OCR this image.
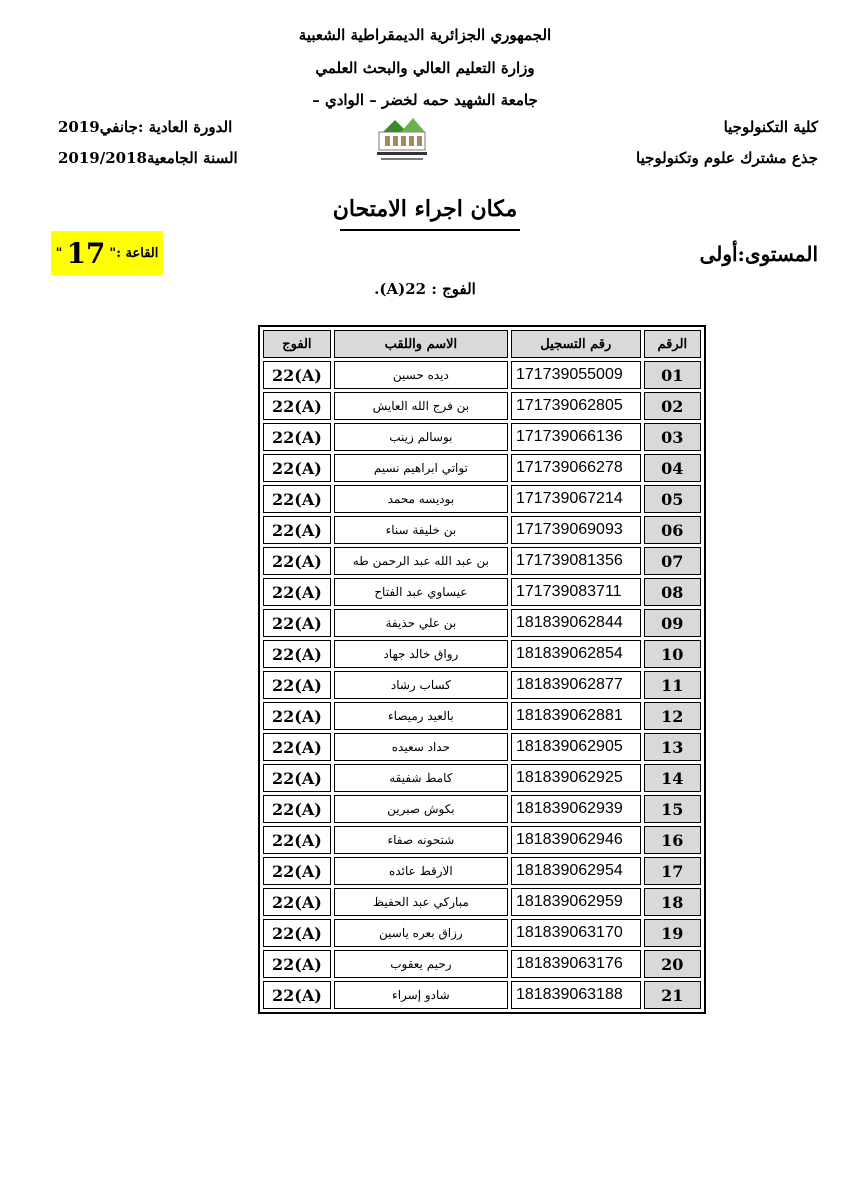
الجمهوري الجزائرية الديمقراطية الشعبية
وزارة التعليم العالي والبحث العلمي
جامعة الشهيد حمه لخضر – الوادي –
كلية التكنولوجيا
جذع مشترك علوم وتكنولوجيا
الدورة العادية :جانفي2019
السنة الجامعية2019/2018
مكان اجراء الامتحان
القاعة :
"
17
"	المستوى:أولى
الفوج : 22(A).
الرقم	رقم التسجيل	الاسم واللقب	الفوج
01	171739055009	ديده حسين	22(A)
02	171739062805	بن فرج الله العايش	22(A)
03	171739066136	بوسالم زينب	22(A)
04	171739066278	تواتي ابراهيم نسيم	22(A)
05	171739067214	بوديسه محمد	22(A)
06	171739069093	بن خليفة سناء	22(A)
07	171739081356	بن عبد الله عبد الرحمن طه	22(A)
08	171739083711	عيساوي عبد الفتاح	22(A)
09	181839062844	بن علي حذيفة	22(A)
10	181839062854	رواق خالد جهاد	22(A)
11	181839062877	كساب رشاد	22(A)
12	181839062881	بالعيد رميصاء	22(A)
13	181839062905	حداد سعيده	22(A)
14	181839062925	كامط شفيقه	22(A)
15	181839062939	بكوش صبرين	22(A)
16	181839062946	شتحونه صفاء	22(A)
17	181839062954	الارقط عائده	22(A)
18	181839062959	مباركي عبد الحفيظ	22(A)
19	181839063170	رزاق بعره ياسين	22(A)
20	181839063176	رحيم يعقوب	22(A)
21	181839063188	شادو إسراء	22(A)
